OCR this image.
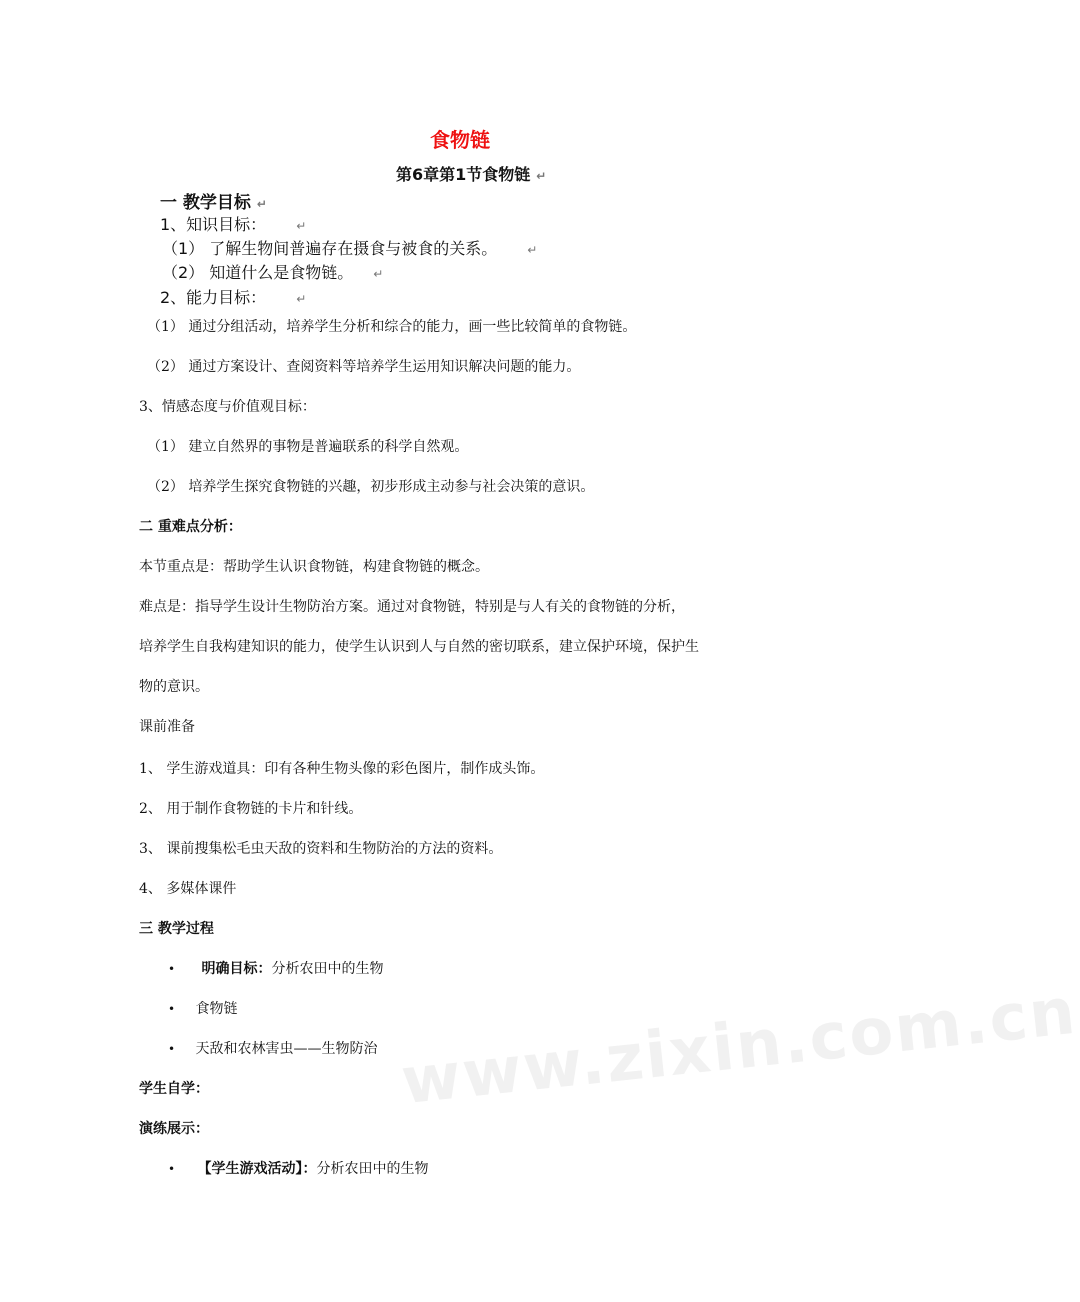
食物链
第6章第1节食物链 ↵
一 教学目标 ↵
1、知识目标：	↵
（1） 了解生物间普遍存在摄食与被食的关系。	↵
（2） 知道什么是食物链。 ↵
2、能力目标：	↵
（1） 通过分组活动，培养学生分析和综合的能力，画一些比较简单的食物链。
（2） 通过方案设计、查阅资料等培养学生运用知识解决问题的能力。
3、情感态度与价值观目标：
（1） 建立自然界的事物是普遍联系的科学自然观。
（2） 培养学生探究食物链的兴趣，初步形成主动参与社会决策的意识。
二 重难点分析：
本节重点是：帮助学生认识食物链，构建食物链的概念。
难点是：指导学生设计生物防治方案。通过对食物链，特别是与人有关的食物链的分析，
培养学生自我构建知识的能力，使学生认识到人与自然的密切联系，建立保护环境，保护生
物的意识。
课前准备
1、 学生游戏道具：印有各种生物头像的彩色图片，制作成头饰。
2、 用于制作食物链的卡片和针线。
3、 课前搜集松毛虫天敌的资料和生物防治的方法的资料。
4、 多媒体课件
三 教学过程
• 明确目标：分析农田中的生物
• 食物链
• 天敌和农林害虫——生物防治
学生自学：
演练展示：
• 【学生游戏活动】：分析农田中的生物
www.zixin.com.cn
